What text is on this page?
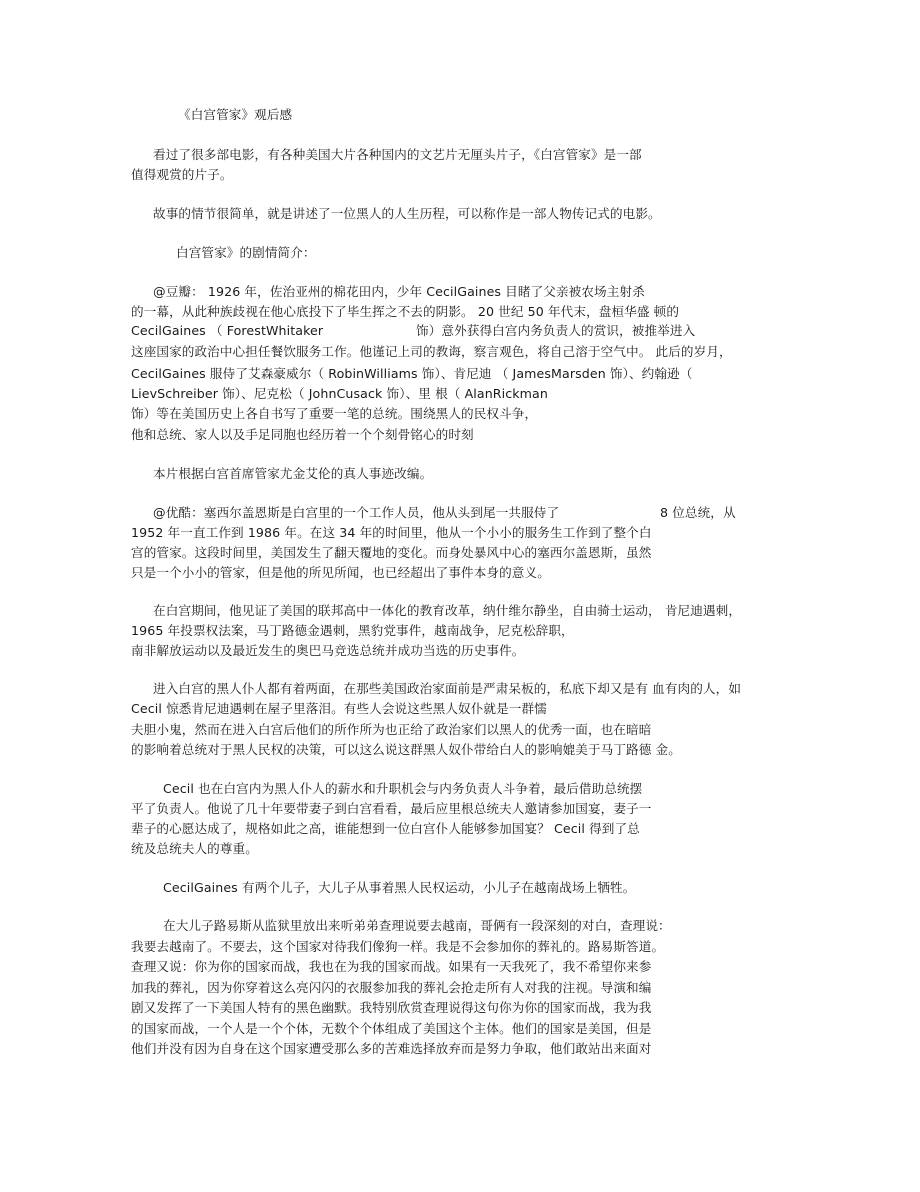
《白宫管家》观后感
看过了很多部电影，有各种美国大片各种国内的文艺片无厘头片子，《白宫管家》是一部
值得观赏的片子。
故事的情节很简单，就是讲述了一位黑人的人生历程，可以称作是一部人物传记式的电影。
白宫管家》的剧情简介：
@豆瓣： 1926 年，佐治亚州的棉花田内，少年 CecilGaines 目睹了父亲被农场主射杀
的一幕，从此种族歧视在他心底投下了毕生挥之不去的阴影。 20 世纪 50 年代末，盘桓华盛 顿的
CecilGaines （ ForestWhitaker	饰）意外获得白宫内务负责人的赏识，被推举进入
这座国家的政治中心担任餐饮服务工作。他谨记上司的教诲，察言观色，将自己溶于空气中。 此后的岁月，
CecilGaines 服侍了艾森豪威尔（ RobinWilliams 饰）、肯尼迪 （ JamesMarsden 饰）、约翰逊（
LievSchreiber 饰）、尼克松（ JohnCusack 饰）、里 根（ AlanRickman
饰）等在美国历史上各自书写了重要一笔的总统。围绕黑人的民权斗争，
他和总统、家人以及手足同胞也经历着一个个刻骨铭心的时刻
本片根据白宫首席管家尤金艾伦的真人事迹改编。
@优酷：塞西尔盖恩斯是白宫里的一个工作人员，他从头到尾一共服侍了	8 位总统，从
1952 年一直工作到 1986 年。在这 34 年的时间里，他从一个小小的服务生工作到了整个白
宫的管家。这段时间里，美国发生了翻天覆地的变化。而身处暴风中心的塞西尔盖恩斯，虽然
只是一个小小的管家，但是他的所见所闻，也已经超出了事件本身的意义。
在白宫期间，他见证了美国的联邦高中一体化的教育改革，纳什维尔静坐，自由骑士运动， 肯尼迪遇刺，
1965 年投票权法案，马丁路德金遇刺，黑豹党事件，越南战争，尼克松辞职，
南非解放运动以及最近发生的奥巴马竞选总统并成功当选的历史事件。
进入白宫的黑人仆人都有着两面，在那些美国政治家面前是严肃呆板的，私底下却又是有 血有肉的人，如
Cecil 惊悉肯尼迪遇刺在屋子里落泪。有些人会说这些黑人奴仆就是一群懦
夫胆小鬼，然而在进入白宫后他们的所作所为也正给了政治家们以黑人的优秀一面，也在暗暗
的影响着总统对于黑人民权的决策，可以这么说这群黑人奴仆带给白人的影响媲美于马丁路德 金。
Cecil 也在白宫内为黑人仆人的薪水和升职机会与内务负责人斗争着，最后借助总统摆
平了负责人。他说了几十年要带妻子到白宫看看，最后应里根总统夫人邀请参加国宴，妻子一
辈子的心愿达成了，规格如此之高，谁能想到一位白宫仆人能够参加国宴？ Cecil 得到了总
统及总统夫人的尊重。
CecilGaines 有两个儿子，大儿子从事着黑人民权运动，小儿子在越南战场上牺牲。
在大儿子路易斯从监狱里放出来听弟弟查理说要去越南，哥俩有一段深刻的对白，查理说：
我要去越南了。不要去，这个国家对待我们像狗一样。我是不会参加你的葬礼的。路易斯答道。
查理又说：你为你的国家而战，我也在为我的国家而战。如果有一天我死了，我不希望你来参
加我的葬礼，因为你穿着这么亮闪闪的衣服参加我的葬礼会抢走所有人对我的注视。导演和编
剧又发挥了一下美国人特有的黑色幽默。我特别欣赏查理说得这句你为你的国家而战，我为我
的国家而战，一个人是一个个体，无数个个体组成了美国这个主体。他们的国家是美国，但是
他们并没有因为自身在这个国家遭受那么多的苦难选择放弃而是努力争取，他们敢站出来面对
